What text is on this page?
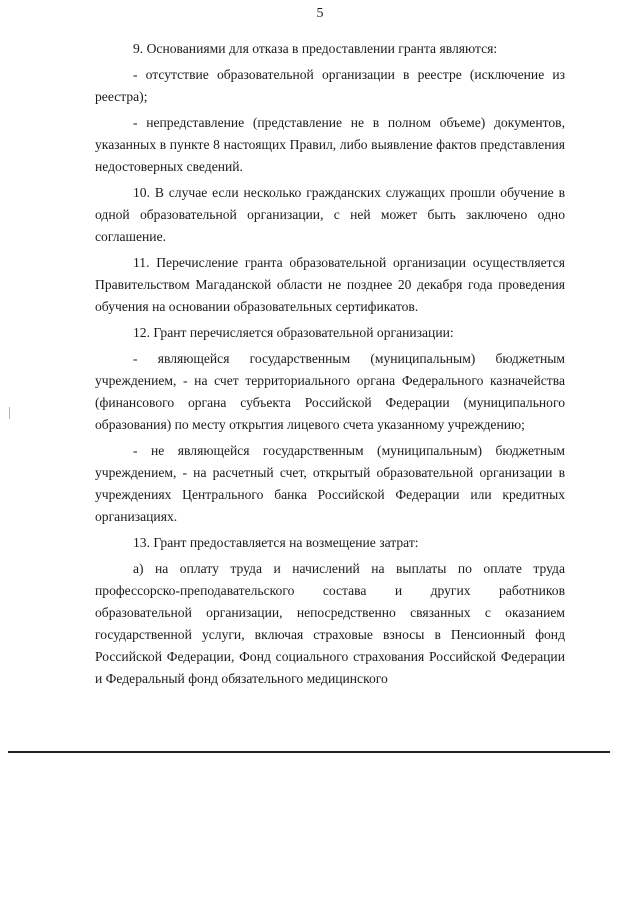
5

9. Основаниями для отказа в предоставлении гранта являются:

- отсутствие образовательной организации в реестре (исключение из реестра);

- непредставление (представление не в полном объеме) документов, указанных в пункте 8 настоящих Правил, либо выявление фактов представления недостоверных сведений.

10. В случае если несколько гражданских служащих прошли обучение в одной образовательной организации, с ней может быть заключено одно соглашение.

11. Перечисление гранта образовательной организации осуществляется Правительством Магаданской области не позднее 20 декабря года проведения обучения на основании образовательных сертификатов.

12. Грант перечисляется образовательной организации:

- являющейся государственным (муниципальным) бюджетным учреждением, - на счет территориального органа Федерального казначейства (финансового органа субъекта Российской Федерации (муниципального образования) по месту открытия лицевого счета указанному учреждению;

- не являющейся государственным (муниципальным) бюджетным учреждением, - на расчетный счет, открытый образовательной организации в учреждениях Центрального банка Российской Федерации или кредитных организациях.

13. Грант предоставляется на возмещение затрат:

а) на оплату труда и начислений на выплаты по оплате труда профессорско-преподавательского состава и других работников образовательной организации, непосредственно связанных с оказанием государственной услуги, включая страховые взносы в Пенсионный фонд Российской Федерации, Фонд социального страхования Российской Федерации и Федеральный фонд обязательного медицинского
